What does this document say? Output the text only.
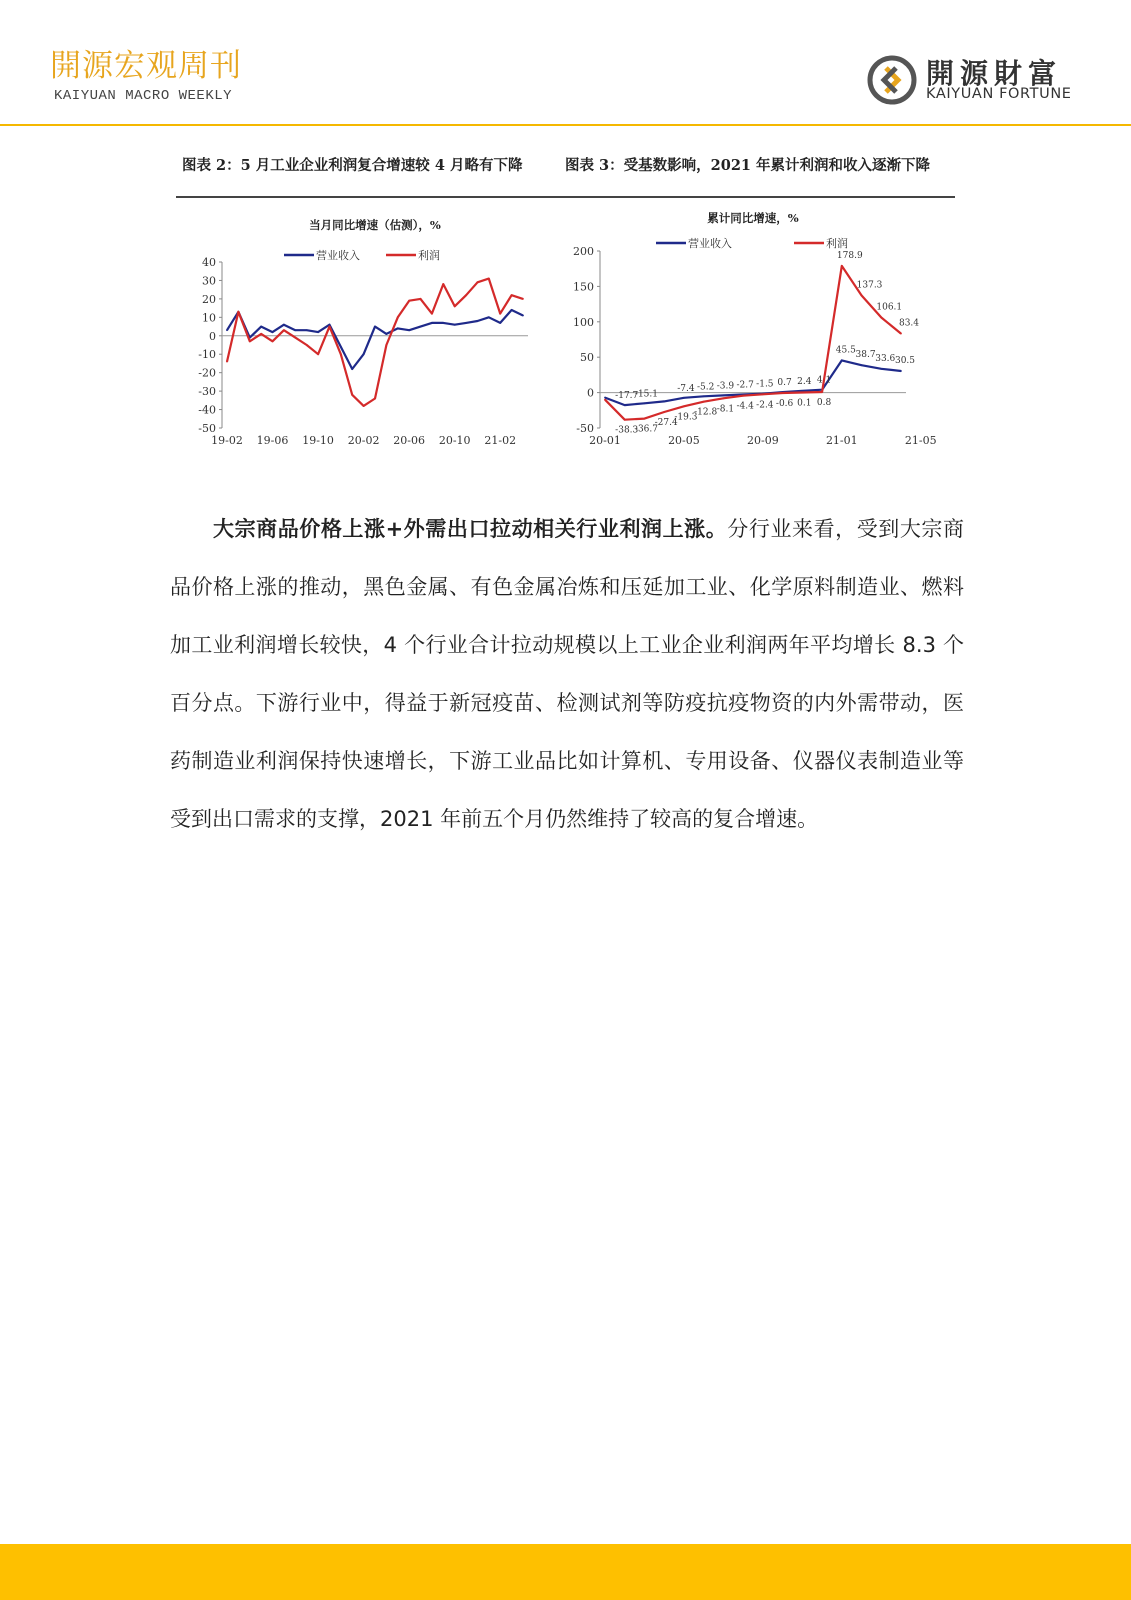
開源宏观周刊
KAIYUAN MACRO WEEKLY
開源財富
KAIYUAN FORTUNE
图表 2：5 月工业企业利润复合增速较 4 月略有下降	图表 3：受基数影响，2021 年累计利润和收入逐渐下降
当月同比增速（估测），%
营业收入	利润
40
30
20
10
0
-10
-20
-30
-40
-50
19-02 19-06 19-10 20-02 20-06 20-10 21-02
累计同比增速，%
营业收入	利润
200
150
100
50
0
-50
20-01	20-05	20-09	21-01	21-05
-17.7
-15.1
-7.4 -5.2 -3.9 -2.7 -1.5 0.7 2.4 4.1
45.5 38.7 33.6 30.5
-38.3
-36.7
-27.4
-19.3
-12.8 -8.1 -4.4 -2.4 -0.6 0.1 0.8
178.9
137.3
106.1
83.4
大宗商品价格上涨+外需出口拉动相关行业利润上涨。分行业来看，受到大宗商品价格上涨的推动，黑色金属、有色金属冶炼和压延加工业、化学原料制造业、燃料加工业利润增长较快，4 个行业合计拉动规模以上工业企业利润两年平均增长 8.3 个百分点。下游行业中，得益于新冠疫苗、检测试剂等防疫抗疫物资的内外需带动，医药制造业利润保持快速增长，下游工业品比如计算机、专用设备、仪器仪表制造业等受到出口需求的支撑，2021 年前五个月仍然维持了较高的复合增速。
